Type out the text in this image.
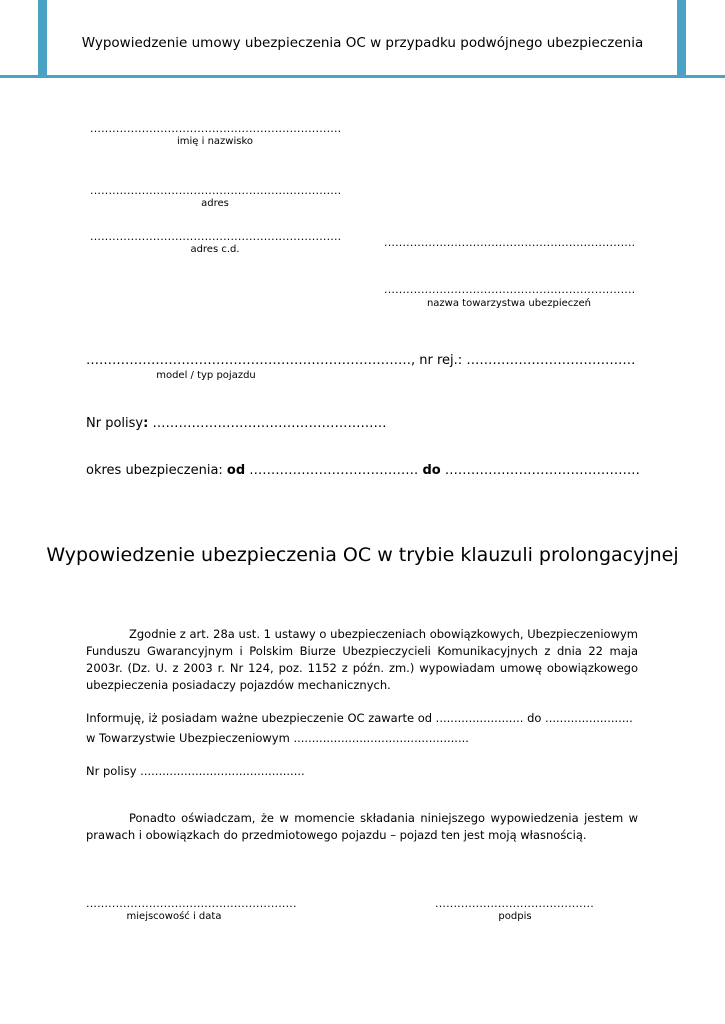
Wypowiedzenie umowy ubezpieczenia OC w przypadku podwójnego ubezpieczenia
....................................................................
imię i nazwisko
....................................................................
adres
....................................................................
adres c.d.
....................................................................
....................................................................
nazwa towarzystwa ubezpieczeń
…………………………………………………………………, nr rej.: …………………………………
model / typ pojazdu
Nr polisy: ………………………………………………
okres ubezpieczenia: od ………………………………… do ………………………………………
Wypowiedzenie ubezpieczenia OC w trybie klauzuli prolongacyjnej
Zgodnie z art. 28a ust. 1 ustawy o ubezpieczeniach obowiązkowych, Ubezpieczeniowym Funduszu Gwarancyjnym i Polskim Biurze Ubezpieczycieli Komunikacyjnych z dnia 22 maja 2003r. (Dz. U. z 2003 r. Nr 124, poz. 1152 z późn. zm.) wypowiadam umowę obowiązkowego ubezpieczenia posiadaczy pojazdów mechanicznych.
Informuję, iż posiadam ważne ubezpieczenie OC zawarte od ........................ do ........................
w Towarzystwie Ubezpieczeniowym ................................................
Nr polisy .............................................
Ponadto oświadczam, że w momencie składania niniejszego wypowiedzenia jestem w prawach i obowiązkach do przedmiotowego pojazdu – pojazd ten jest moją własnością.
.........................................................
miejscowość i data
...........................................
podpis
